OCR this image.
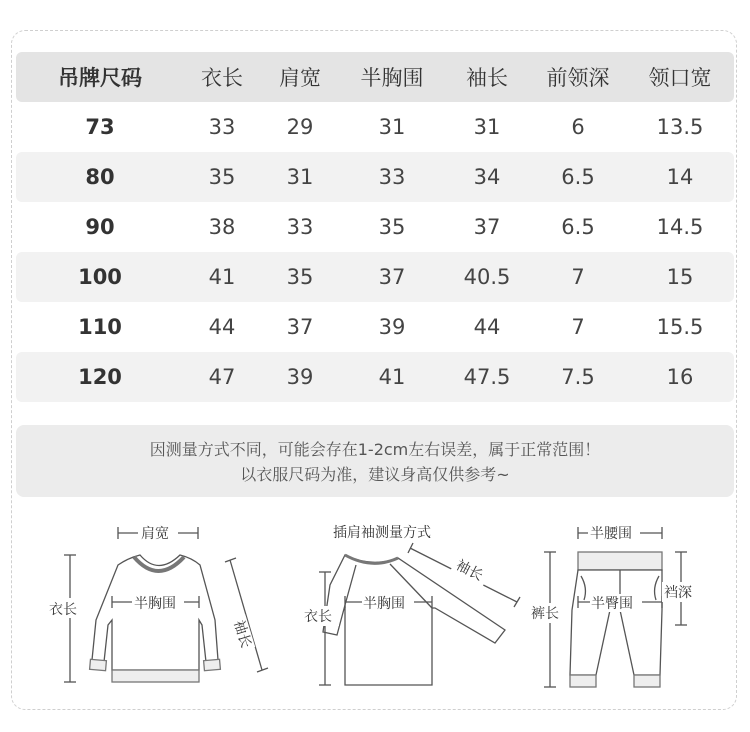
吊牌尺码	衣长	肩宽	半胸围	袖长	前领深	领口宽
73	33	29	31	31	6	13.5
80	35	31	33	34	6.5	14
90	38	33	35	37	6.5	14.5
100	41	35	37	40.5	7	15
110	44	37	39	44	7	15.5
120	47	39	41	47.5	7.5	16
因测量方式不同，可能会存在1-2cm左右误差，属于正常范围！
以衣服尺码为准，建议身高仅供参考~
肩宽
衣长	半胸围
袖长
插肩袖测量方式
衣长
半胸围
袖长
半腰围
裤长
半臀围
裆深
